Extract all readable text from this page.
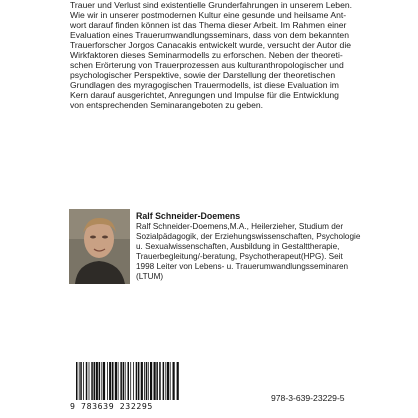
Trauer und Verlust sind existentielle Grunderfahrungen in unserem Leben.
Wie wir in unserer postmodernen Kultur eine gesunde und heilsame Ant-
wort darauf finden können ist das Thema dieser Arbeit. Im Rahmen einer
Evaluation eines Trauerumwandlungsseminars, dass von dem bekannten
Trauerforscher Jorgos Canacakis entwickelt wurde, versucht der Autor die
Wirkfaktoren dieses Seminarmodells zu erforschen. Neben der theoreti-
schen Erörterung von Trauerprozessen aus kulturanthropologischer und
psychologischer Perspektive, sowie der Darstellung der theoretischen
Grundlagen des myragogischen Trauermodells, ist diese Evaluation im
Kern darauf ausgerichtet, Anregungen und Impulse für die Entwicklung
von entsprechenden Seminarangeboten zu geben.

Ralf Schneider-Doemens

Ralf Schneider-Doemens,M.A., Heilerzieher, Studium der
Sozialpädagogik, der Erziehungswissenschaften, Psychologie
u. Sexualwissenschaften, Ausbildung in Gestalttherapie,
Trauerbegleitung/-beratung, Psychotherapeut(HPG). Seit
1998 Leiter von Lebens- u. Trauerumwandlungsseminaren
(LTUM)

9 783639 232295

978-3-639-23229-5
